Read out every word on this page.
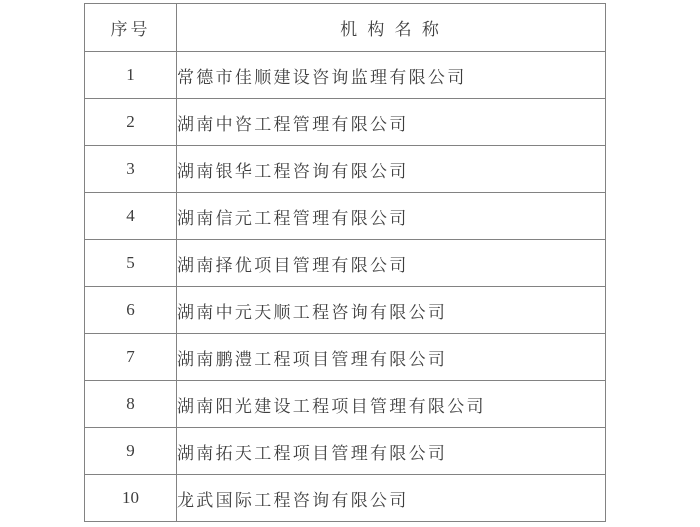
序号	机 构 名 称
1	常德市佳顺建设咨询监理有限公司
2	湖南中咨工程管理有限公司
3	湖南银华工程咨询有限公司
4	湖南信元工程管理有限公司
5	湖南择优项目管理有限公司
6	湖南中元天顺工程咨询有限公司
7	湖南鹏澧工程项目管理有限公司
8	湖南阳光建设工程项目管理有限公司
9	湖南拓天工程项目管理有限公司
10	龙武国际工程咨询有限公司
